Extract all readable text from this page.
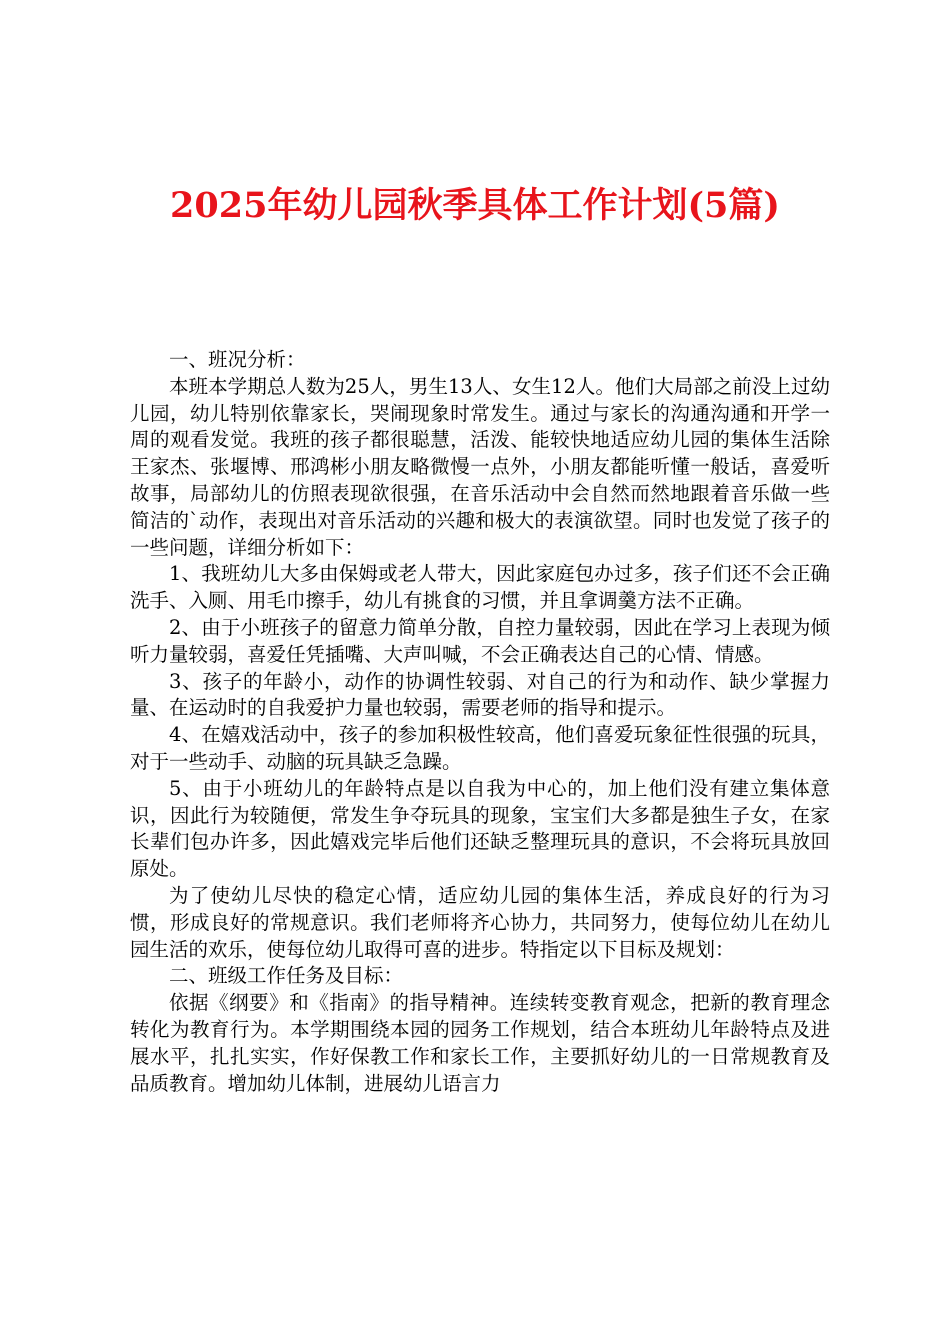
2025年幼儿园秋季具体工作计划(5篇)

一、班况分析：

本班本学期总人数为25人，男生13人、女生12人。他们大局部之前没上过幼儿园，幼儿特别依靠家长，哭闹现象时常发生。通过与家长的沟通沟通和开学一周的观看发觉。我班的孩子都很聪慧，活泼、能较快地适应幼儿园的集体生活除王家杰、张堰博、邢鸿彬小朋友略微慢一点外，小朋友都能听懂一般话，喜爱听故事，局部幼儿的仿照表现欲很强，在音乐活动中会自然而然地跟着音乐做一些简洁的`动作，表现出对音乐活动的兴趣和极大的表演欲望。同时也发觉了孩子的一些问题，详细分析如下：

1、我班幼儿大多由保姆或老人带大，因此家庭包办过多，孩子们还不会正确洗手、入厕、用毛巾擦手，幼儿有挑食的习惯，并且拿调羹方法不正确。

2、由于小班孩子的留意力简单分散，自控力量较弱，因此在学习上表现为倾听力量较弱，喜爱任凭插嘴、大声叫喊，不会正确表达自己的心情、情感。

3、孩子的年龄小，动作的协调性较弱、对自己的行为和动作、缺少掌握力量、在运动时的自我爱护力量也较弱，需要老师的指导和提示。

4、在嬉戏活动中，孩子的参加积极性较高，他们喜爱玩象征性很强的玩具，对于一些动手、动脑的玩具缺乏急躁。

5、由于小班幼儿的年龄特点是以自我为中心的，加上他们没有建立集体意识，因此行为较随便，常发生争夺玩具的现象，宝宝们大多都是独生子女，在家长辈们包办许多，因此嬉戏完毕后他们还缺乏整理玩具的意识，不会将玩具放回原处。

为了使幼儿尽快的稳定心情，适应幼儿园的集体生活，养成良好的行为习惯，形成良好的常规意识。我们老师将齐心协力，共同努力，使每位幼儿在幼儿园生活的欢乐，使每位幼儿取得可喜的进步。特指定以下目标及规划：

二、班级工作任务及目标：

依据《纲要》和《指南》的指导精神。连续转变教育观念，把新的教育理念转化为教育行为。本学期围绕本园的园务工作规划，结合本班幼儿年龄特点及进展水平，扎扎实实，作好保教工作和家长工作，主要抓好幼儿的一日常规教育及品质教育。增加幼儿体制，进展幼儿语言力
